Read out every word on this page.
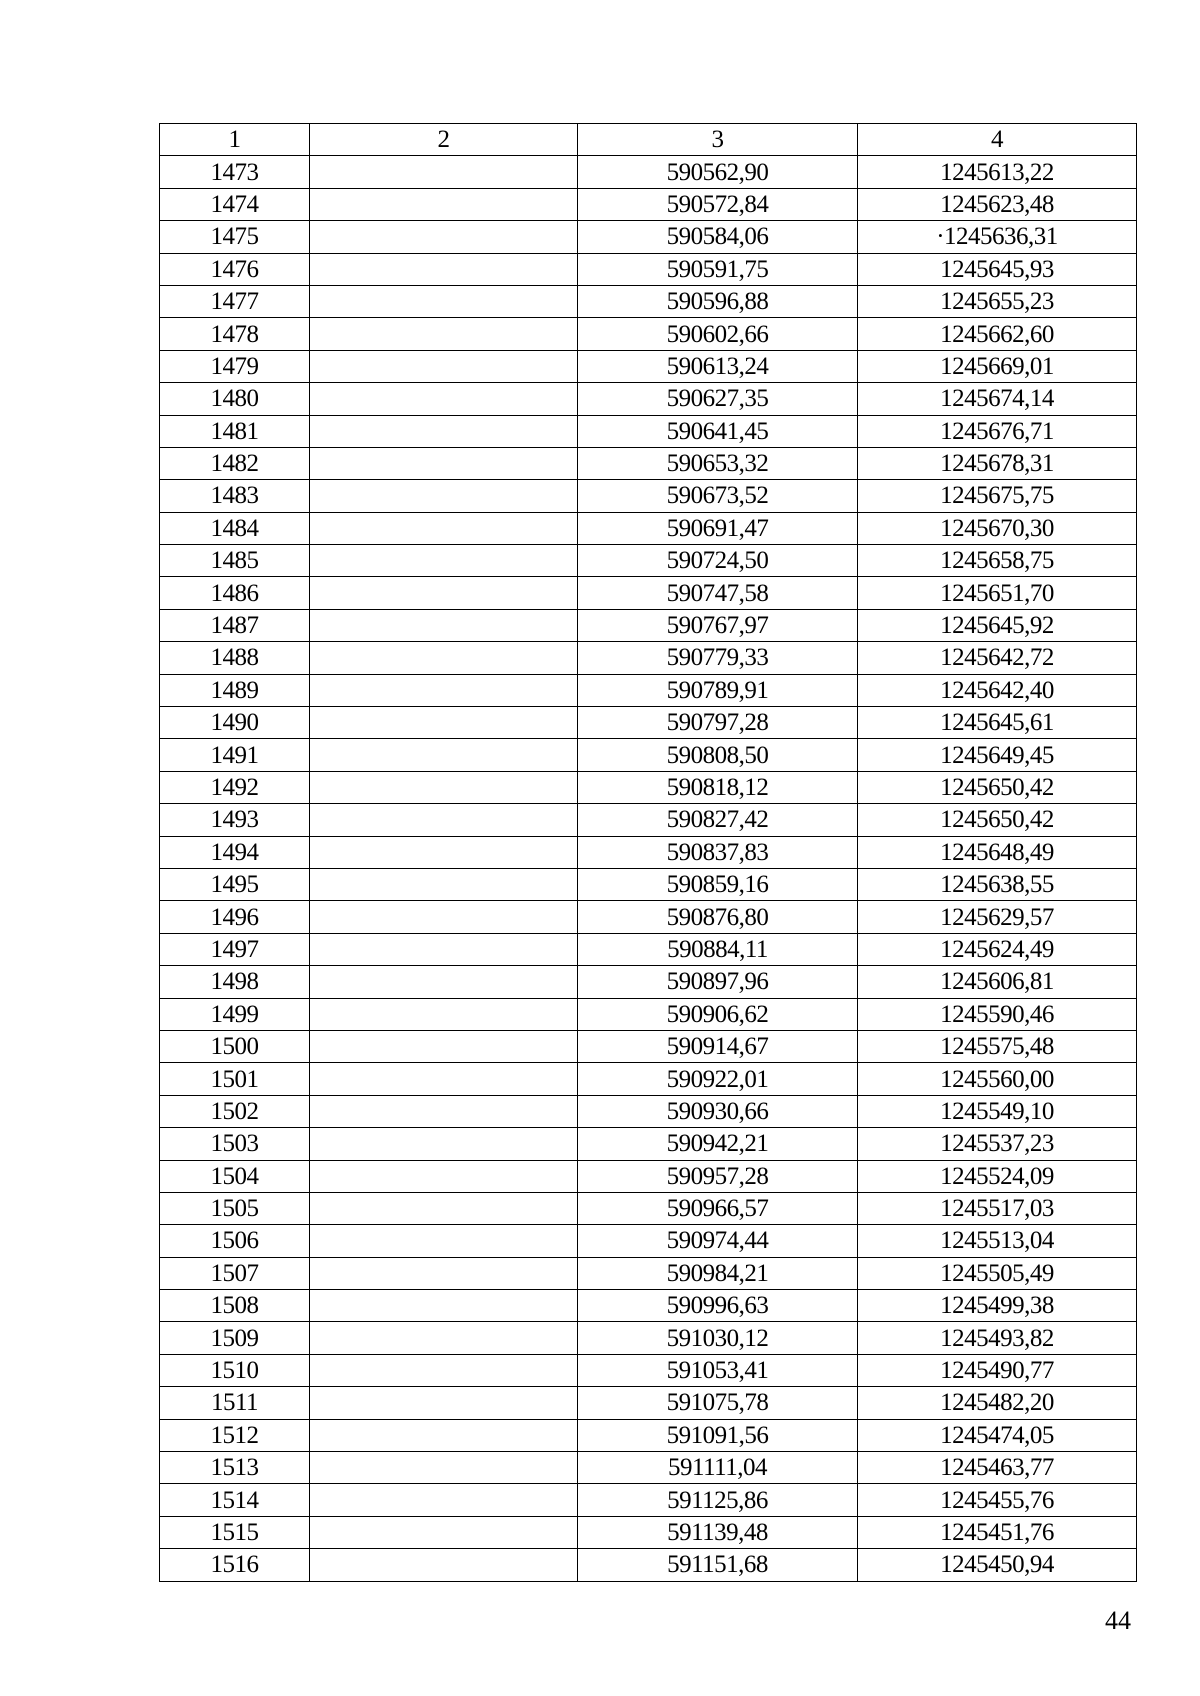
1	2	3	4
1473		590562,90	1245613,22
1474		590572,84	1245623,48
1475		590584,06	·1245636,31
1476		590591,75	1245645,93
1477		590596,88	1245655,23
1478		590602,66	1245662,60
1479		590613,24	1245669,01
1480		590627,35	1245674,14
1481		590641,45	1245676,71
1482		590653,32	1245678,31
1483		590673,52	1245675,75
1484		590691,47	1245670,30
1485		590724,50	1245658,75
1486		590747,58	1245651,70
1487		590767,97	1245645,92
1488		590779,33	1245642,72
1489		590789,91	1245642,40
1490		590797,28	1245645,61
1491		590808,50	1245649,45
1492		590818,12	1245650,42
1493		590827,42	1245650,42
1494		590837,83	1245648,49
1495		590859,16	1245638,55
1496		590876,80	1245629,57
1497		590884,11	1245624,49
1498		590897,96	1245606,81
1499		590906,62	1245590,46
1500		590914,67	1245575,48
1501		590922,01	1245560,00
1502		590930,66	1245549,10
1503		590942,21	1245537,23
1504		590957,28	1245524,09
1505		590966,57	1245517,03
1506		590974,44	1245513,04
1507		590984,21	1245505,49
1508		590996,63	1245499,38
1509		591030,12	1245493,82
1510		591053,41	1245490,77
1511		591075,78	1245482,20
1512		591091,56	1245474,05
1513		591111,04	1245463,77
1514		591125,86	1245455,76
1515		591139,48	1245451,76
1516		591151,68	1245450,94
44
